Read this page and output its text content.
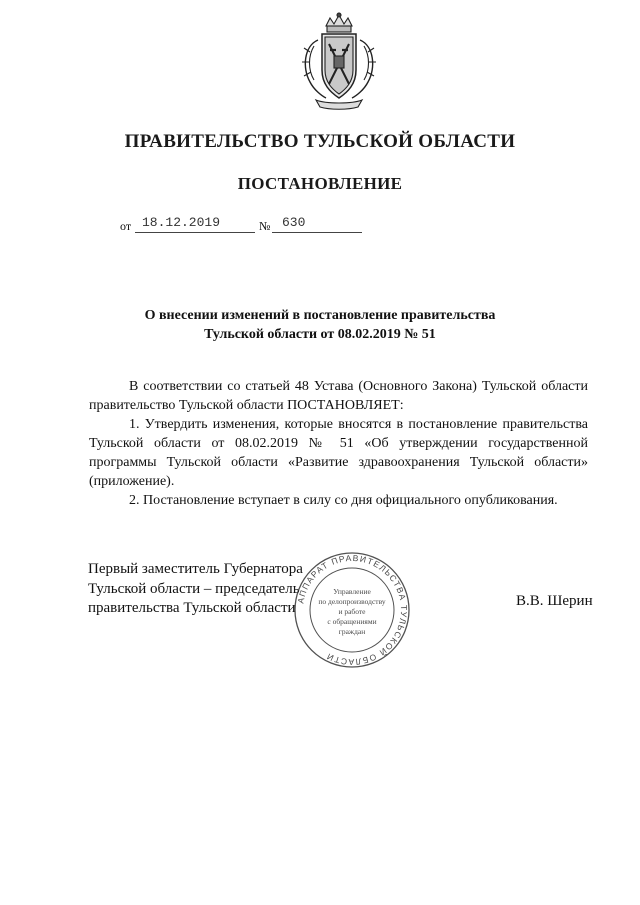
ПРАВИТЕЛЬСТВО ТУЛЬСКОЙ ОБЛАСТИ
ПОСТАНОВЛЕНИЕ
от 18.12.2019	№ 630
О внесении изменений в постановление правительства
Тульской области от 08.02.2019 № 51

В соответствии со статьей 48 Устава (Основного Закона) Тульской области правительство Тульской области ПОСТАНОВЛЯЕТ:

1. Утвердить изменения, которые вносятся в постановление правительства Тульской области от 08.02.2019 № 51 «Об утверждении государственной программы Тульской области «Развитие здравоохранения Тульской области» (приложение).

2. Постановление вступает в силу со дня официального опубликования.

Первый заместитель Губернатора
Тульской области – председатель
правительства Тульской области	В.В. Шерин
АППАРАТ ПРАВИТЕЛЬСТВА ТУЛЬСКОЙ ОБЛАСТИ
Управление
по делопроизводству
и работе
с обращениями
граждан
